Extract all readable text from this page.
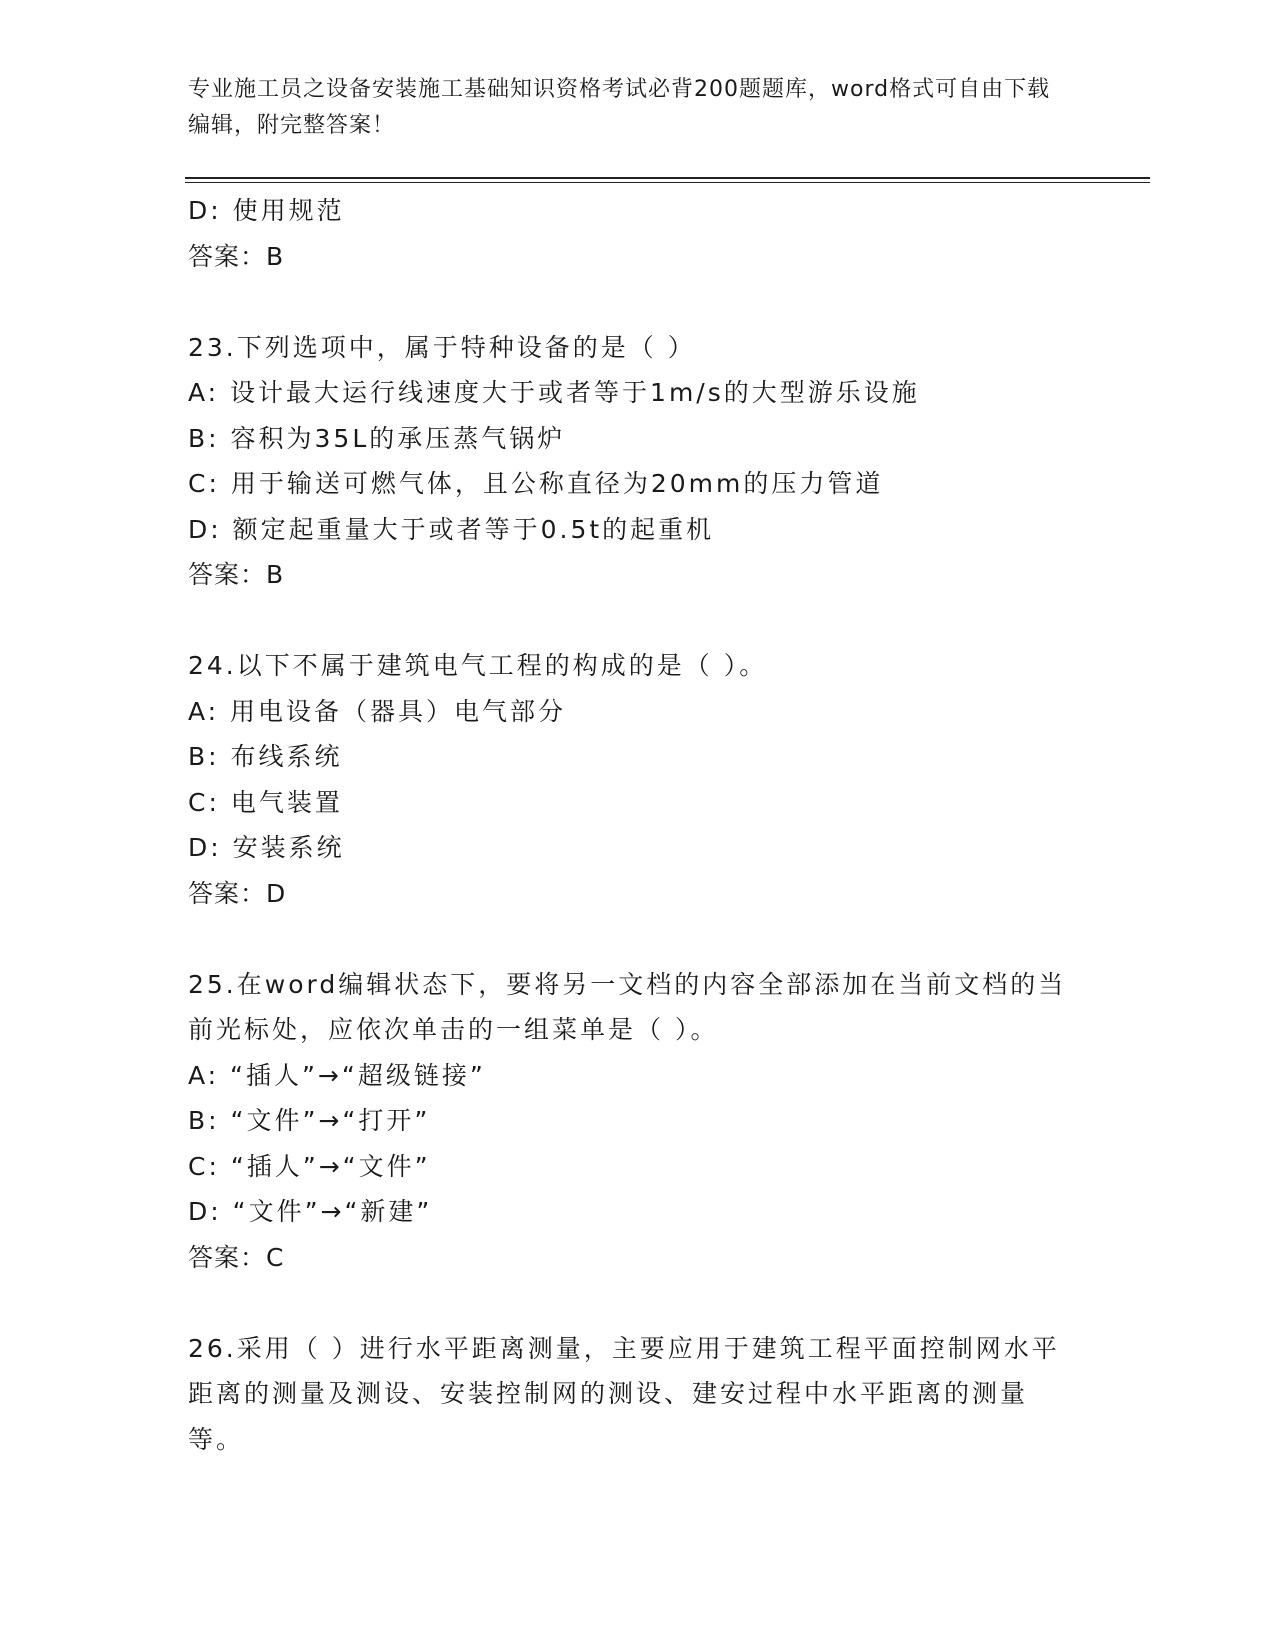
专业施工员之设备安装施工基础知识资格考试必背200题题库，word格式可自由下载编辑，附完整答案！
D: 使用规范
答案：B
23.下列选项中，属于特种设备的是（ ）
A: 设计最大运行线速度大于或者等于1m/s的大型游乐设施
B: 容积为35L的承压蒸气锅炉
C: 用于输送可燃气体，且公称直径为20mm的压力管道
D: 额定起重量大于或者等于0.5t的起重机
答案：B
24.以下不属于建筑电气工程的构成的是（ ）。
A: 用电设备（器具）电气部分
B: 布线系统
C: 电气装置
D: 安装系统
答案：D
25.在word编辑状态下，要将另一文档的内容全部添加在当前文档的当前光标处，应依次单击的一组菜单是（ ）。
A: “插人”→“超级链接”
B: “文件”→“打开”
C: “插人”→“文件”
D: “文件”→“新建”
答案：C
26.采用（ ）进行水平距离测量，主要应用于建筑工程平面控制网水平距离的测量及测设、安装控制网的测设、建安过程中水平距离的测量等。
